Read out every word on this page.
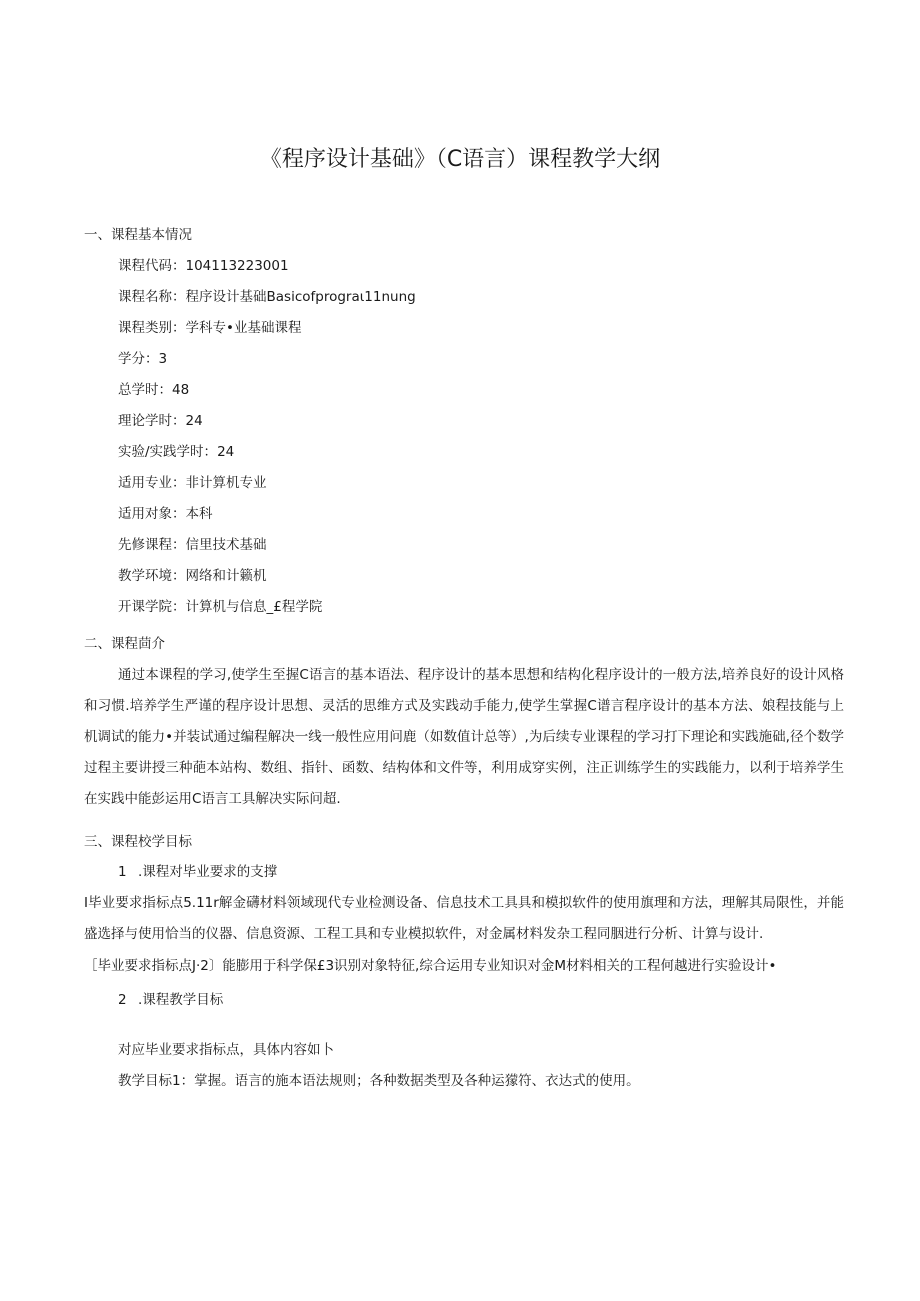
《程序设计基础》（C语言）课程教学大纲
一、课程基本情况
课程代码：104113223001
课程名称：程序设计基础Basicofprograι11nung
课程类别：学科专•业基础课程
学分：3
总学时：48
理论学时：24
实验/实践学时：24
适用专业：非计算机专业
适用对象：本科
先修课程：信里技术基础
教学环境：网络和计籁机
开课学院：计算机与信息_£程学院
二、课程茴介

通过本课程的学习,使学生至握C语言的基本语法、程序设计的基本思想和结构化程序设计的一般方法,培养良好的设计风格和习惯.培养学生严谨的程序设计思想、灵活的思维方式及实践动手能力,使学生掌握C谱言程序设计的基本方法、娘程技能与上机调试的能力•并装试通过编程解决一线一般性应用问鹿（如数值计总等）,为后续专业课程的学习打下理论和实践施础,径个数学过程主要讲授三种葩本站构、数组、指针、函数、结构体和文件等，利用成穿实例，注正训练学生的实践能力，以利于培养学生在实践中能彭运用C语言工具解决实际问超.

三、课程校学目标
1 .课程对毕业要求的支撑

I毕业要求指标点5.11r解金礴材料领域现代专业检测设备、信息技术工具具和模拟软件的使用旗理和方法，理解其局限性，并能盛选择与使用恰当的仪器、信息资源、工程工具和专业模拟软件，对金属材料发杂工程同胭进行分析、计算与设计.

［毕业要求指标点J·2〕能膨用于科学保£3识别对象特征,综合运用专业知识对金M材料相关的工程何越进行实验设计•
2 .课程教学目标
对应毕业要求指标点，具体内容如卜
教学目标1：掌握。语言的施本语法规则；各种数据类型及各种运獴符、衣达式的使用。
